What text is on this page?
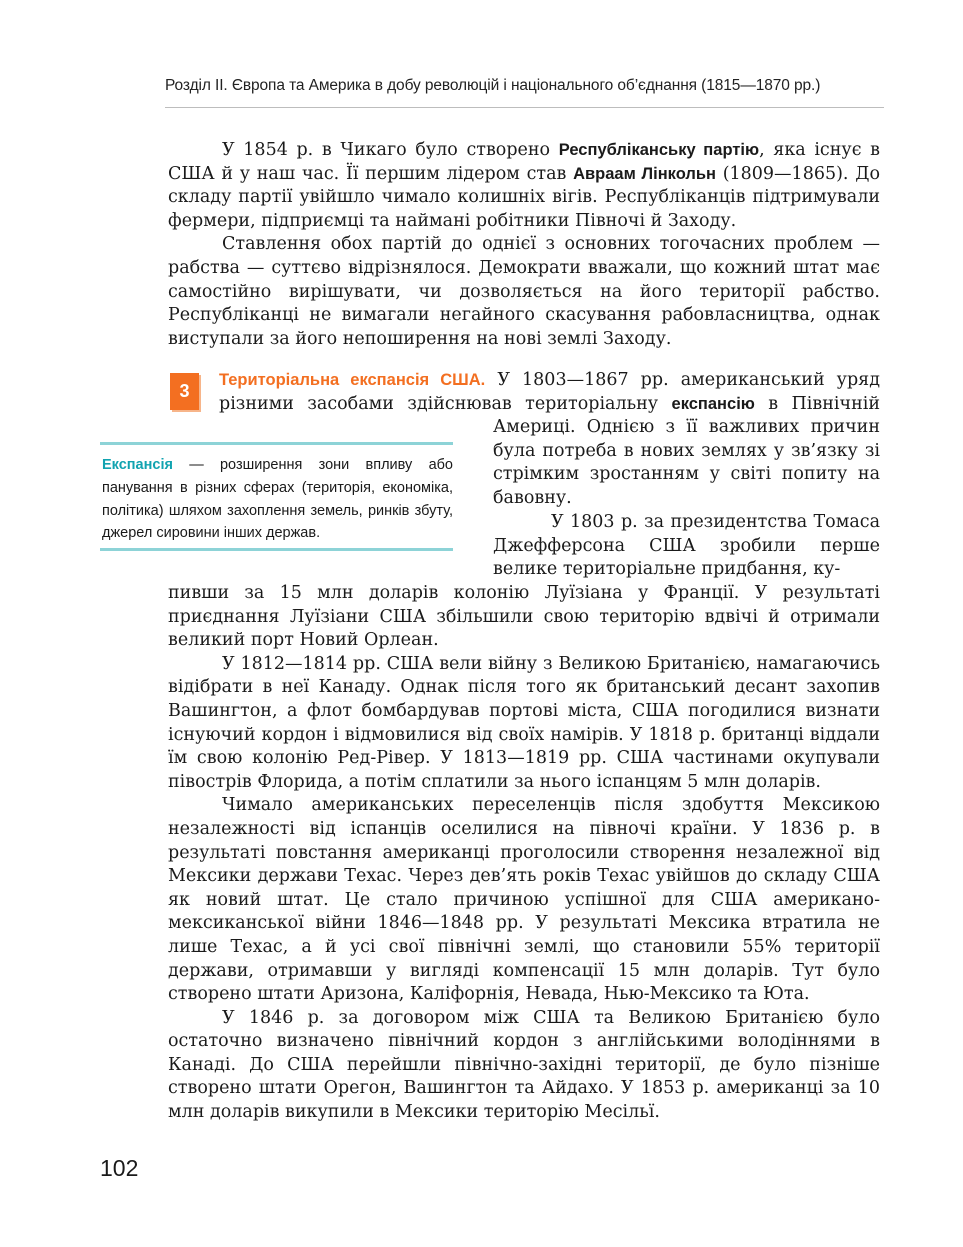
Розділ II. Європа та Америка в добу революцій і національного об’єднання (1815—1870 рр.)

У 1854 р. в Чикаго було створено Республіканську партію, яка існує в США й у наш час. Її першим лідером став Авраам Лінкольн (1809—1865). До складу партії увійшло чимало колишніх вігів. Республіканців підтримували фермери, підприємці та наймані робітники Півночі й Заходу.

Ставлення обох партій до однієї з основних тогочасних проблем — рабства — суттєво відрізнялося. Демократи вважали, що кожний штат має самостійно вирішувати, чи дозволяється на його території рабство. Республіканці не вимагали негайного скасування рабовласництва, однак виступали за його непоширення на нові землі Заходу.

3

Територіальна експансія США. У 1803—1867 рр. американський уряд різними засобами здійснював територіальну експансію в Північній

Америці. Однією з її важливих причин була потреба в нових землях у зв’язку зі стрімким зростанням у світі попиту на бавовну.

Експансія — розширення зони впливу або панування в різних сферах (територія, економіка, політика) шляхом захоплення земель, ринків збуту, джерел сировини інших держав.

У 1803 р. за президентства Томаса Джефферсона США зробили перше велике територіальне придбання, ку-

пивши за 15 млн доларів колонію Луїзіана у Франції. У результаті приєднання Луїзіани США збільшили свою територію вдвічі й отримали великий порт Новий Орлеан.

У 1812—1814 рр. США вели війну з Великою Британією, намагаючись відібрати в неї Канаду. Однак після того як британський десант захопив Вашингтон, а флот бомбардував портові міста, США погодилися визнати існуючий кордон і відмовилися від своїх намірів. У 1818 р. британці віддали їм свою колонію Ред-Рівер. У 1813—1819 рр. США частинами окупували півострів Флорида, а потім сплатили за нього іспанцям 5 млн доларів.

Чимало американських переселенців після здобуття Мексикою незалежності від іспанців оселилися на півночі країни. У 1836 р. в результаті повстання американці проголосили створення незалежної від Мексики держави Техас. Через дев’ять років Техас увійшов до складу США як новий штат. Це стало причиною успішної для США американо-мексиканської війни 1846—1848 рр. У результаті Мексика втратила не лише Техас, а й усі свої північні землі, що становили 55% території держави, отримавши у вигляді компенсації 15 млн доларів. Тут було створено штати Аризона, Каліфорнія, Невада, Нью-Мексико та Юта.

У 1846 р. за договором між США та Великою Британією було остаточно визначено північний кордон з англійськими володіннями в Канаді. До США перейшли північно-західні території, де було пізніше створено штати Орегон, Вашингтон та Айдахо. У 1853 р. американці за 10 млн доларів викупили в Мексики територію Месільї.

102
